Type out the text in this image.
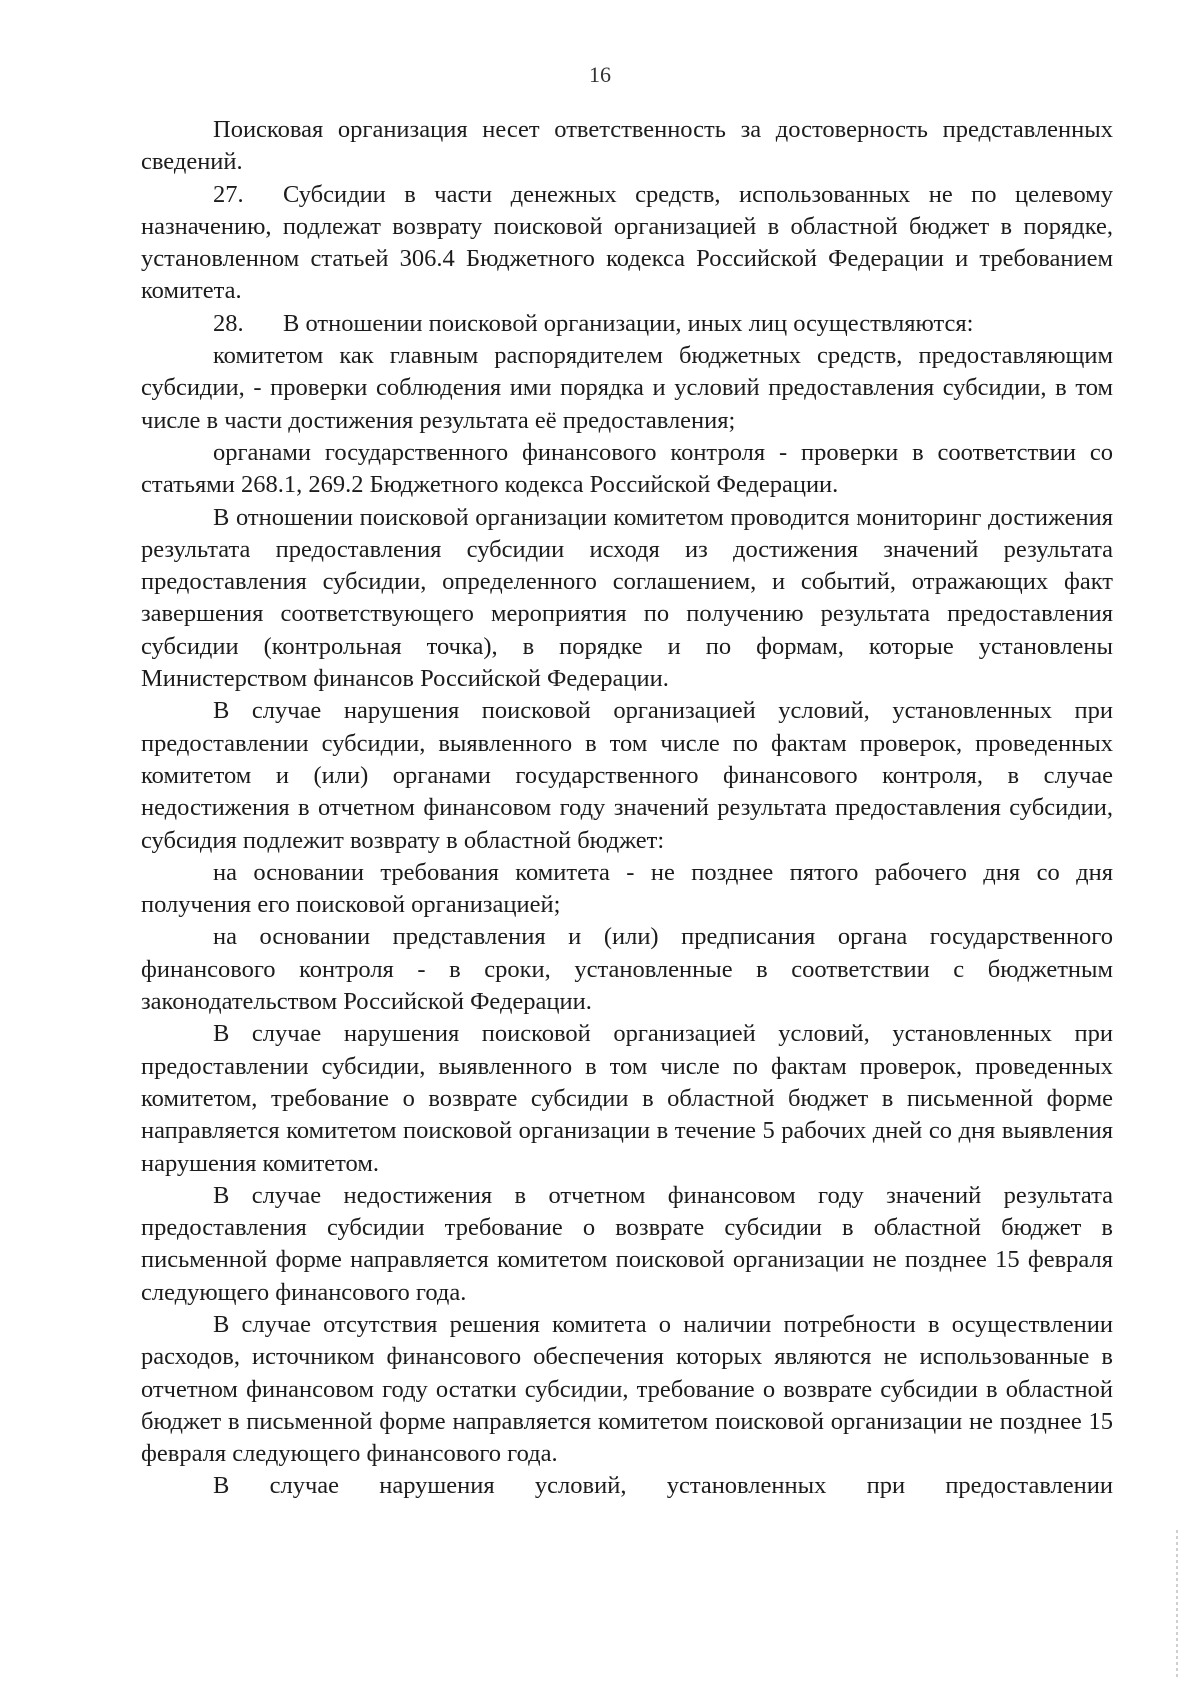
16

Поисковая организация несет ответственность за достоверность представленных сведений.

27. Субсидии в части денежных средств, использованных не по целевому назначению, подлежат возврату поисковой организацией в областной бюджет в порядке, установленном статьей 306.4 Бюджетного кодекса Российской Федерации и требованием комитета.

28. В отношении поисковой организации, иных лиц осуществляются:

комитетом как главным распорядителем бюджетных средств, предоставляющим субсидии, - проверки соблюдения ими порядка и условий предоставления субсидии, в том числе в части достижения результата её предоставления;

органами государственного финансового контроля - проверки в соответствии со статьями 268.1, 269.2 Бюджетного кодекса Российской Федерации.

В отношении поисковой организации комитетом проводится мониторинг достижения результата предоставления субсидии исходя из достижения значений результата предоставления субсидии, определенного соглашением, и событий, отражающих факт завершения соответствующего мероприятия по получению результата предоставления субсидии (контрольная точка), в порядке и по формам, которые установлены Министерством финансов Российской Федерации.

В случае нарушения поисковой организацией условий, установленных при предоставлении субсидии, выявленного в том числе по фактам проверок, проведенных комитетом и (или) органами государственного финансового контроля, в случае недостижения в отчетном финансовом году значений результата предоставления субсидии, субсидия подлежит возврату в областной бюджет:

на основании требования комитета - не позднее пятого рабочего дня со дня получения его поисковой организацией;

на основании представления и (или) предписания органа государственного финансового контроля - в сроки, установленные в соответствии с бюджетным законодательством Российской Федерации.

В случае нарушения поисковой организацией условий, установленных при предоставлении субсидии, выявленного в том числе по фактам проверок, проведенных комитетом, требование о возврате субсидии в областной бюджет в письменной форме направляется комитетом поисковой организации в течение 5 рабочих дней со дня выявления нарушения комитетом.

В случае недостижения в отчетном финансовом году значений результата предоставления субсидии требование о возврате субсидии в областной бюджет в письменной форме направляется комитетом поисковой организации не позднее 15 февраля следующего финансового года.

В случае отсутствия решения комитета о наличии потребности в осуществлении расходов, источником финансового обеспечения которых являются не использованные в отчетном финансовом году остатки субсидии, требование о возврате субсидии в областной бюджет в письменной форме направляется комитетом поисковой организации не позднее 15 февраля следующего финансового года.

В случае нарушения условий, установленных при предоставлении
